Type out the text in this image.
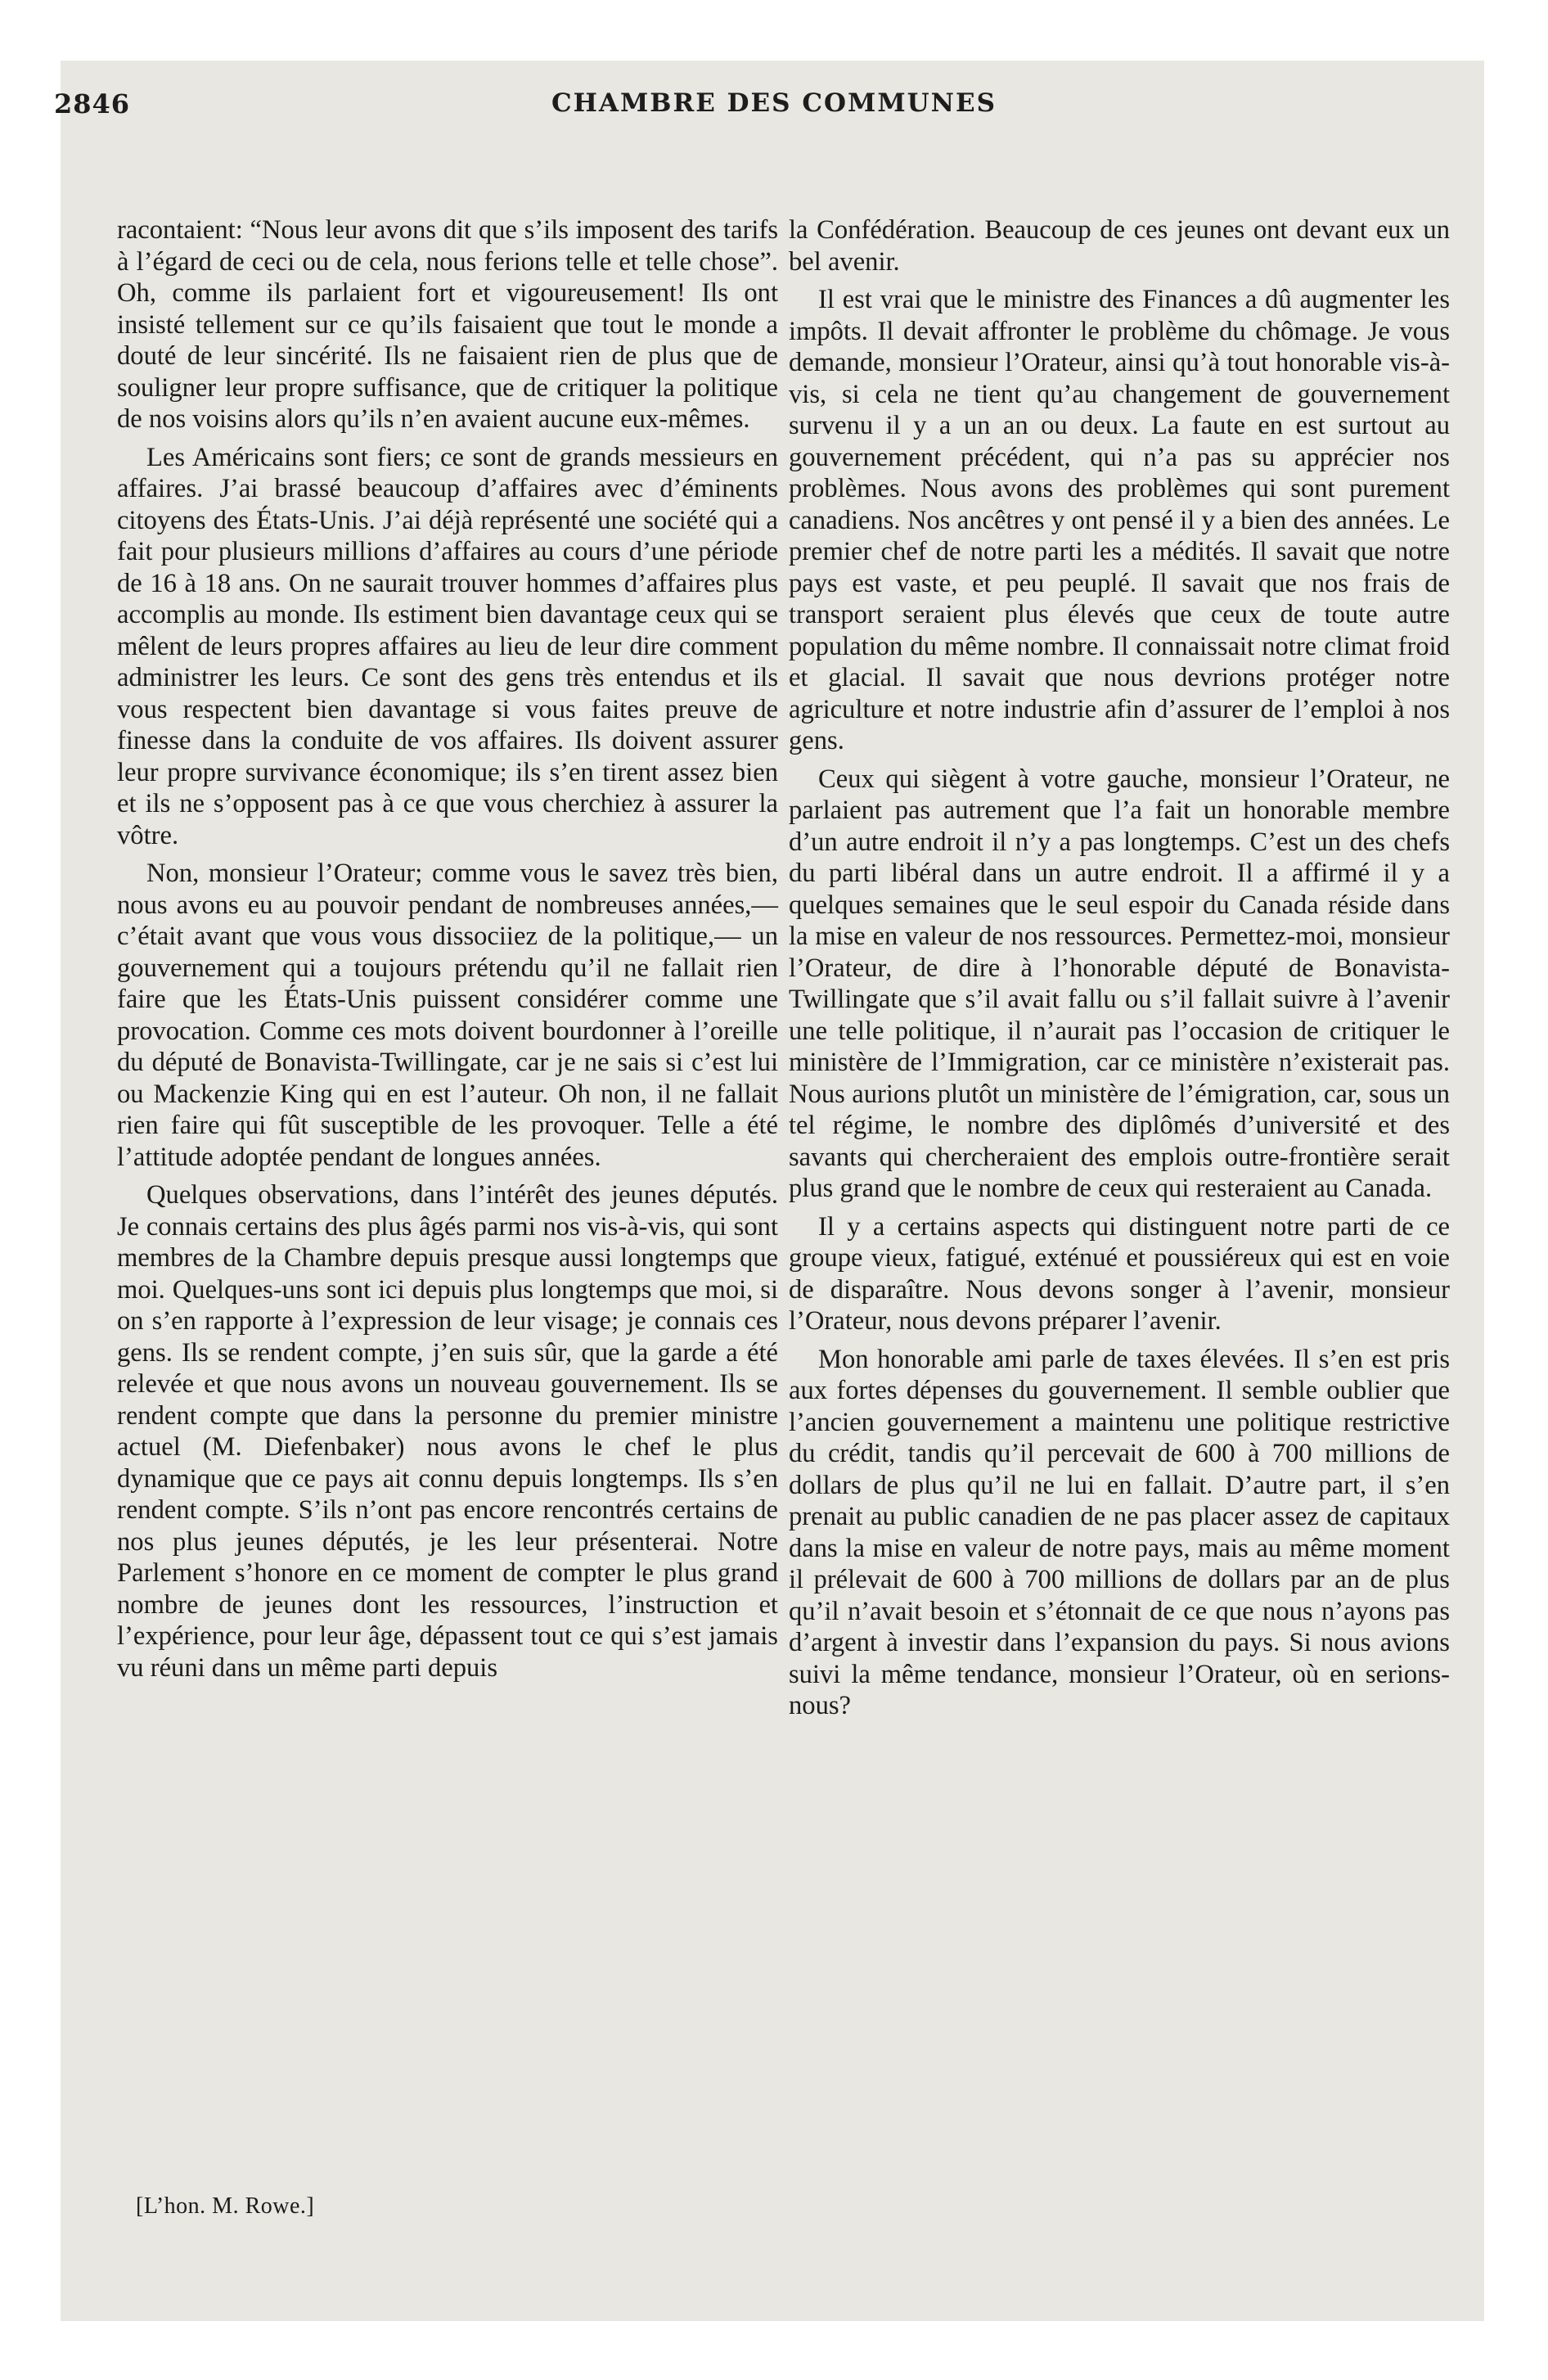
2846	CHAMBRE DES COMMUNES

racontaient: “Nous leur avons dit que s’ils imposent des tarifs à l’égard de ceci ou de cela, nous ferions telle et telle chose”. Oh, comme ils parlaient fort et vigoureusement! Ils ont insisté tellement sur ce qu’ils faisaient que tout le monde a douté de leur sincérité. Ils ne faisaient rien de plus que de souligner leur propre suffisance, que de critiquer la politique de nos voisins alors qu’ils n’en avaient aucune eux-mêmes.

Les Américains sont fiers; ce sont de grands messieurs en affaires. J’ai brassé beaucoup d’affaires avec d’éminents citoyens des États-Unis. J’ai déjà représenté une société qui a fait pour plusieurs millions d’affaires au cours d’une période de 16 à 18 ans. On ne saurait trouver hommes d’affaires plus accomplis au monde. Ils estiment bien davantage ceux qui se mêlent de leurs propres affaires au lieu de leur dire comment administrer les leurs. Ce sont des gens très entendus et ils vous respectent bien davantage si vous faites preuve de finesse dans la conduite de vos affaires. Ils doivent assurer leur propre survivance économique; ils s’en tirent assez bien et ils ne s’opposent pas à ce que vous cherchiez à assurer la vôtre.

Non, monsieur l’Orateur; comme vous le savez très bien, nous avons eu au pouvoir pendant de nombreuses années,—c’était avant que vous vous dissociiez de la politique,— un gouvernement qui a toujours prétendu qu’il ne fallait rien faire que les États-Unis puissent considérer comme une provocation. Comme ces mots doivent bourdonner à l’oreille du député de Bonavista-Twillingate, car je ne sais si c’est lui ou Mackenzie King qui en est l’auteur. Oh non, il ne fallait rien faire qui fût susceptible de les provoquer. Telle a été l’attitude adoptée pendant de longues années.

Quelques observations, dans l’intérêt des jeunes députés. Je connais certains des plus âgés parmi nos vis-à-vis, qui sont membres de la Chambre depuis presque aussi longtemps que moi. Quelques-uns sont ici depuis plus longtemps que moi, si on s’en rapporte à l’expression de leur visage; je connais ces gens. Ils se rendent compte, j’en suis sûr, que la garde a été relevée et que nous avons un nouveau gouvernement. Ils se rendent compte que dans la personne du premier ministre actuel (M. Diefenbaker) nous avons le chef le plus dynamique que ce pays ait connu depuis longtemps. Ils s’en rendent compte. S’ils n’ont pas encore rencontrés certains de nos plus jeunes députés, je les leur présenterai. Notre Parlement s’honore en ce moment de compter le plus grand nombre de jeunes dont les ressources, l’instruction et l’expérience, pour leur âge, dépassent tout ce qui s’est jamais vu réuni dans un même parti depuis

la Confédération. Beaucoup de ces jeunes ont devant eux un bel avenir.

Il est vrai que le ministre des Finances a dû augmenter les impôts. Il devait affronter le problème du chômage. Je vous demande, monsieur l’Orateur, ainsi qu’à tout honorable vis-à-vis, si cela ne tient qu’au changement de gouvernement survenu il y a un an ou deux. La faute en est surtout au gouvernement précédent, qui n’a pas su apprécier nos problèmes. Nous avons des problèmes qui sont purement canadiens. Nos ancêtres y ont pensé il y a bien des années. Le premier chef de notre parti les a médités. Il savait que notre pays est vaste, et peu peuplé. Il savait que nos frais de transport seraient plus élevés que ceux de toute autre population du même nombre. Il connaissait notre climat froid et glacial. Il savait que nous devrions protéger notre agriculture et notre industrie afin d’assurer de l’emploi à nos gens.

Ceux qui siègent à votre gauche, monsieur l’Orateur, ne parlaient pas autrement que l’a fait un honorable membre d’un autre endroit il n’y a pas longtemps. C’est un des chefs du parti libéral dans un autre endroit. Il a affirmé il y a quelques semaines que le seul espoir du Canada réside dans la mise en valeur de nos ressources. Permettez-moi, monsieur l’Orateur, de dire à l’honorable député de Bonavista-Twillingate que s’il avait fallu ou s’il fallait suivre à l’avenir une telle politique, il n’aurait pas l’occasion de critiquer le ministère de l’Immigration, car ce ministère n’existerait pas. Nous aurions plutôt un ministère de l’émigration, car, sous un tel régime, le nombre des diplômés d’université et des savants qui chercheraient des emplois outre-frontière serait plus grand que le nombre de ceux qui resteraient au Canada.

Il y a certains aspects qui distinguent notre parti de ce groupe vieux, fatigué, exténué et poussiéreux qui est en voie de disparaître. Nous devons songer à l’avenir, monsieur l’Orateur, nous devons préparer l’avenir.

Mon honorable ami parle de taxes élevées. Il s’en est pris aux fortes dépenses du gouvernement. Il semble oublier que l’ancien gouvernement a maintenu une politique restrictive du crédit, tandis qu’il percevait de 600 à 700 millions de dollars de plus qu’il ne lui en fallait. D’autre part, il s’en prenait au public canadien de ne pas placer assez de capitaux dans la mise en valeur de notre pays, mais au même moment il prélevait de 600 à 700 millions de dollars par an de plus qu’il n’avait besoin et s’étonnait de ce que nous n’ayons pas d’argent à investir dans l’expansion du pays. Si nous avions suivi la même tendance, monsieur l’Orateur, où en serions-nous?

[L’hon. M. Rowe.]
